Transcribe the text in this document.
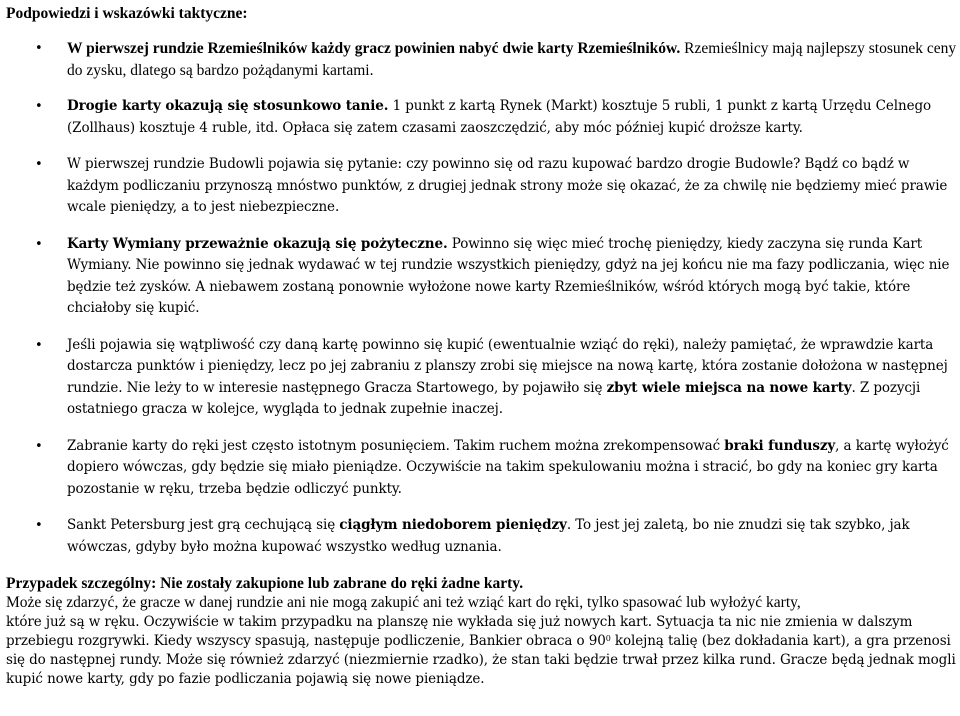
Podpowiedzi i wskazówki taktyczne:
• W pierwszej rundzie Rzemieślników każdy gracz powinien nabyć dwie karty Rzemieślników. Rzemieślnicy mają najlepszy stosunek ceny do zysku, dlatego są bardzo pożądanymi kartami.
• Drogie karty okazują się stosunkowo tanie. 1 punkt z kartą Rynek (Markt) kosztuje 5 rubli, 1 punkt z kartą Urzędu Celnego (Zollhaus) kosztuje 4 ruble, itd. Opłaca się zatem czasami zaoszczędzić, aby móc później kupić droższe karty.
• W pierwszej rundzie Budowli pojawia się pytanie: czy powinno się od razu kupować bardzo drogie Budowle? Bądź co bądź w każdym podliczaniu przynoszą mnóstwo punktów, z drugiej jednak strony może się okazać, że za chwilę nie będziemy mieć prawie wcale pieniędzy, a to jest niebezpieczne.
• Karty Wymiany przeważnie okazują się pożyteczne. Powinno się więc mieć trochę pieniędzy, kiedy zaczyna się runda Kart Wymiany. Nie powinno się jednak wydawać w tej rundzie wszystkich pieniędzy, gdyż na jej końcu nie ma fazy podliczania, więc nie będzie też zysków. A niebawem zostaną ponownie wyłożone nowe karty Rzemieślników, wśród których mogą być takie, które chciałoby się kupić.
• Jeśli pojawia się wątpliwość czy daną kartę powinno się kupić (ewentualnie wziąć do ręki), należy pamiętać, że wprawdzie karta dostarcza punktów i pieniędzy, lecz po jej zabraniu z planszy zrobi się miejsce na nową kartę, która zostanie dołożona w następnej rundzie. Nie leży to w interesie następnego Gracza Startowego, by pojawiło się zbyt wiele miejsca na nowe karty. Z pozycji ostatniego gracza w kolejce, wygląda to jednak zupełnie inaczej.
• Zabranie karty do ręki jest często istotnym posunięciem. Takim ruchem można zrekompensować braki funduszy, a kartę wyłożyć dopiero wówczas, gdy będzie się miało pieniądze. Oczywiście na takim spekulowaniu można i stracić, bo gdy na koniec gry karta pozostanie w ręku, trzeba będzie odliczyć punkty.
• Sankt Petersburg jest grą cechującą się ciągłym niedoborem pieniędzy. To jest jej zaletą, bo nie znudzi się tak szybko, jak wówczas, gdyby było można kupować wszystko według uznania.
Przypadek szczególny: Nie zostały zakupione lub zabrane do ręki żadne karty.
Może się zdarzyć, że gracze w danej rundzie ani nie mogą zakupić ani też wziąć kart do ręki, tylko spasować lub wyłożyć karty,
które już są w ręku. Oczywiście w takim przypadku na planszę nie wykłada się już nowych kart. Sytuacja ta nic nie zmienia w dalszym przebiegu rozgrywki. Kiedy wszyscy spasują, następuje podliczenie, Bankier obraca o $90^0$ kolejną talię (bez dokładania kart), a gra przenosi się do następnej rundy. Może się również zdarzyć (niezmiernie rzadko), że stan taki będzie trwał przez kilka rund. Gracze będą jednak mogli kupić nowe karty, gdy po fazie podliczania pojawią się nowe pieniądze.
